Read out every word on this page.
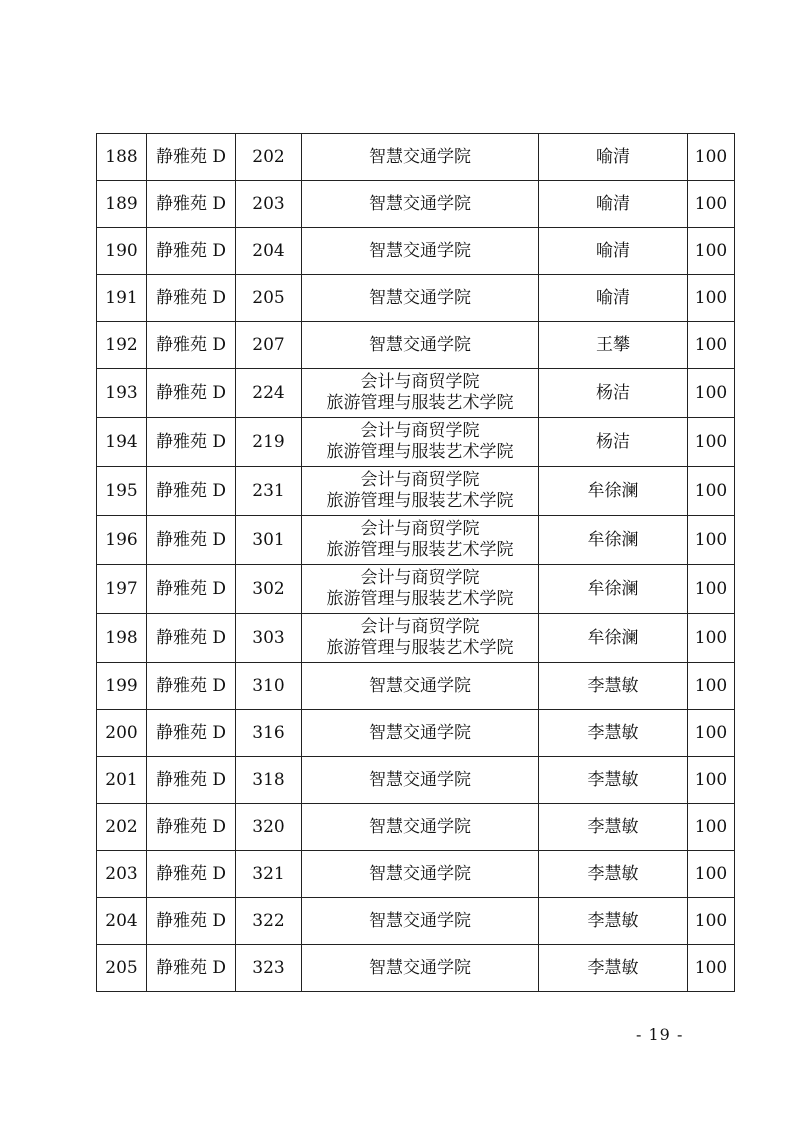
188	静雅苑 D	202	智慧交通学院	喻清	100
189	静雅苑 D	203	智慧交通学院	喻清	100
190	静雅苑 D	204	智慧交通学院	喻清	100
191	静雅苑 D	205	智慧交通学院	喻清	100
192	静雅苑 D	207	智慧交通学院	王攀	100
193	静雅苑 D	224	会计与商贸学院
旅游管理与服装艺术学院	杨洁	100
194	静雅苑 D	219	会计与商贸学院
旅游管理与服装艺术学院	杨洁	100
195	静雅苑 D	231	会计与商贸学院
旅游管理与服装艺术学院	牟徐澜	100
196	静雅苑 D	301	会计与商贸学院
旅游管理与服装艺术学院	牟徐澜	100
197	静雅苑 D	302	会计与商贸学院
旅游管理与服装艺术学院	牟徐澜	100
198	静雅苑 D	303	会计与商贸学院
旅游管理与服装艺术学院	牟徐澜	100
199	静雅苑 D	310	智慧交通学院	李慧敏	100
200	静雅苑 D	316	智慧交通学院	李慧敏	100
201	静雅苑 D	318	智慧交通学院	李慧敏	100
202	静雅苑 D	320	智慧交通学院	李慧敏	100
203	静雅苑 D	321	智慧交通学院	李慧敏	100
204	静雅苑 D	322	智慧交通学院	李慧敏	100
205	静雅苑 D	323	智慧交通学院	李慧敏	100
- 19 -
